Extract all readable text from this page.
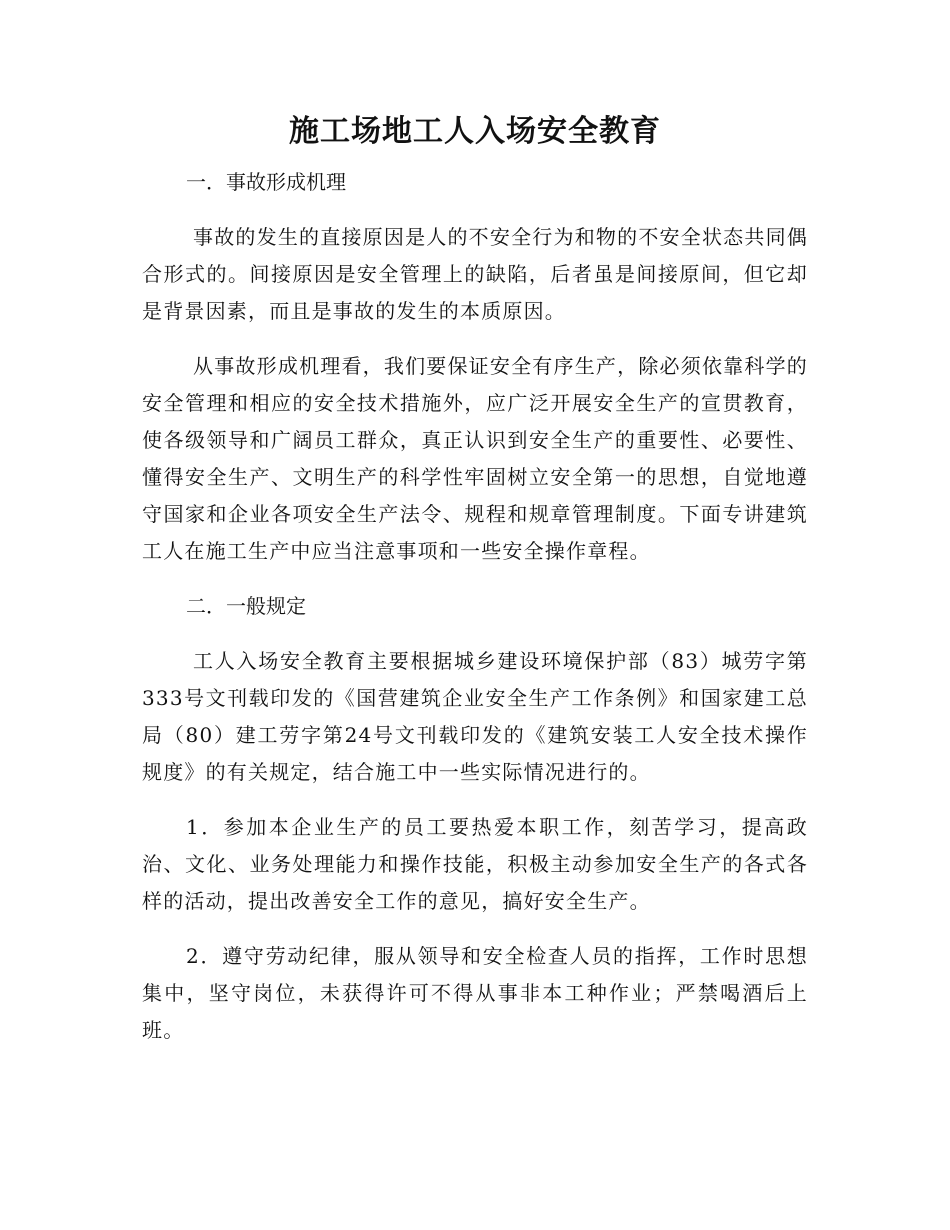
施工场地工人入场安全教育

一．事故形成机理

事故的发生的直接原因是人的不安全行为和物的不安全状态共同偶合形式的。间接原因是安全管理上的缺陷，后者虽是间接原间，但它却是背景因素，而且是事故的发生的本质原因。

从事故形成机理看，我们要保证安全有序生产，除必须依靠科学的安全管理和相应的安全技术措施外，应广泛开展安全生产的宣贯教育，使各级领导和广阔员工群众，真正认识到安全生产的重要性、必要性、懂得安全生产、文明生产的科学性牢固树立安全第一的思想，自觉地遵守国家和企业各项安全生产法令、规程和规章管理制度。下面专讲建筑工人在施工生产中应当注意事项和一些安全操作章程。

二．一般规定

工人入场安全教育主要根据城乡建设环境保护部（83）城劳字第333号文刊载印发的《国营建筑企业安全生产工作条例》和国家建工总局（80）建工劳字第24号文刊载印发的《建筑安装工人安全技术操作规度》的有关规定，结合施工中一些实际情况进行的。

1．参加本企业生产的员工要热爱本职工作，刻苦学习，提高政治、文化、业务处理能力和操作技能，积极主动参加安全生产的各式各样的活动，提出改善安全工作的意见，搞好安全生产。

2．遵守劳动纪律，服从领导和安全检查人员的指挥，工作时思想集中，坚守岗位，未获得许可不得从事非本工种作业；严禁喝酒后上班。
